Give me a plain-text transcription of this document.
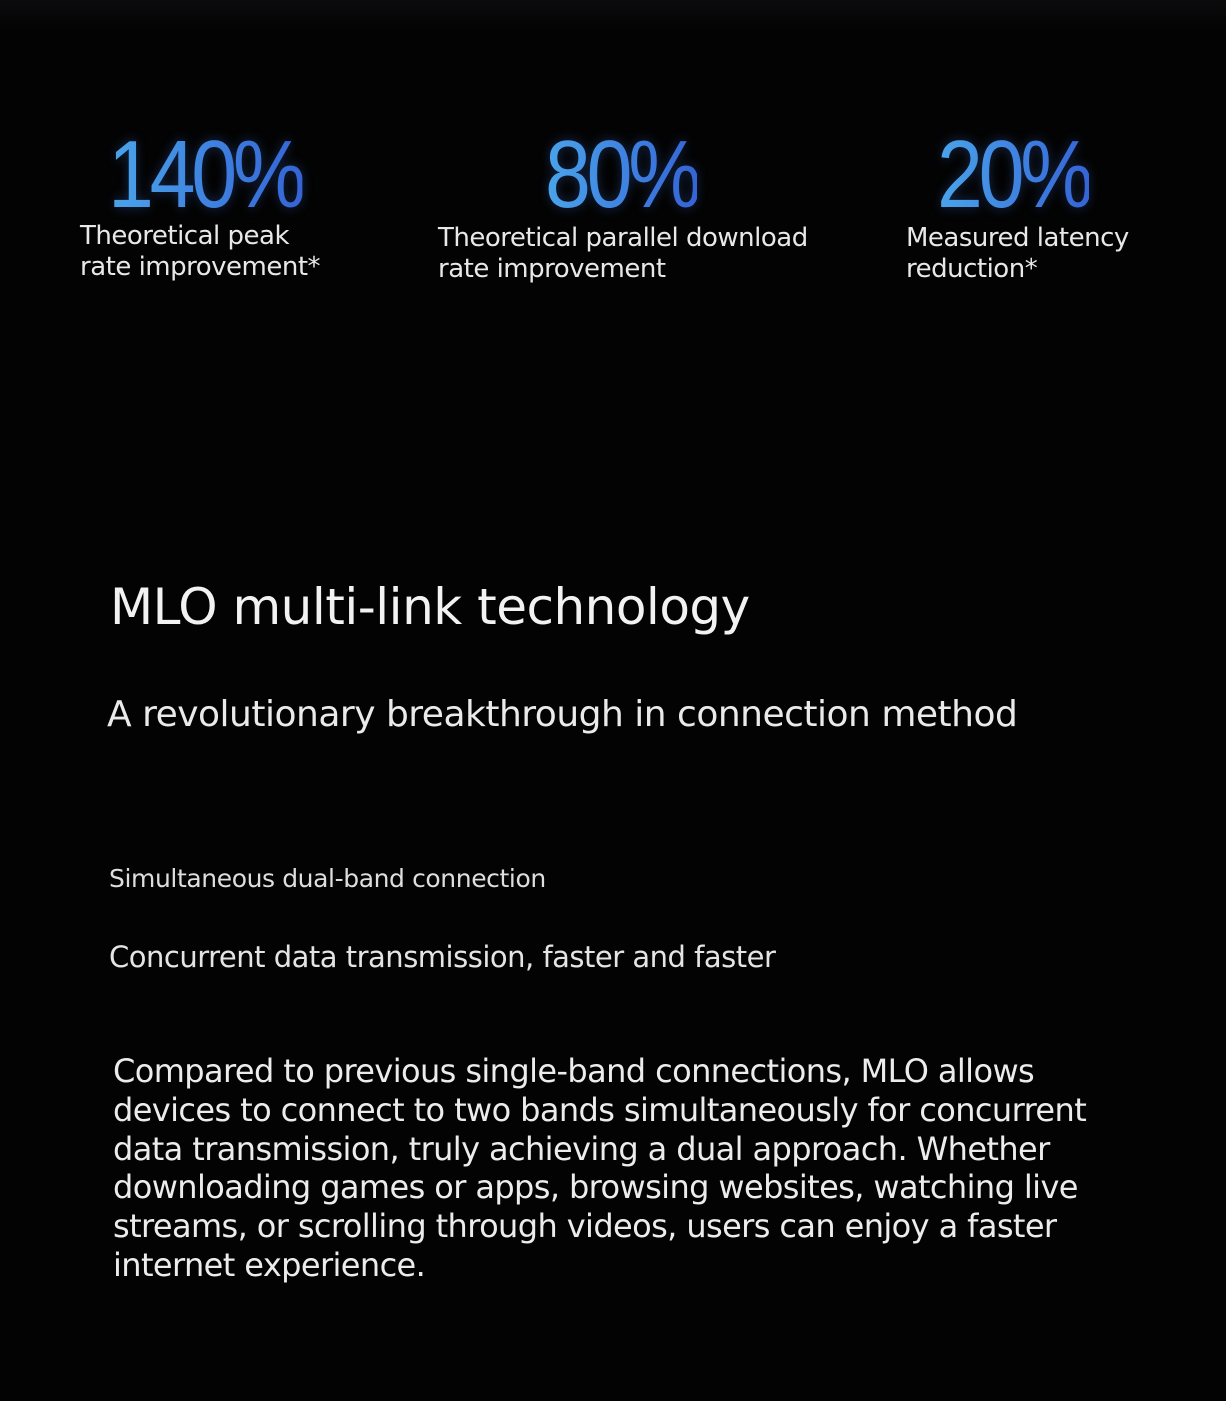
140%
Theoretical peak
rate improvement*
80%
Theoretical parallel download
rate improvement
20%
Measured latency
reduction*
MLO multi-link technology
A revolutionary breakthrough in connection method
Simultaneous dual-band connection
Concurrent data transmission, faster and faster
Compared to previous single-band connections, MLO allows devices to connect to two bands simultaneously for concurrent data transmission, truly achieving a dual approach. Whether downloading games or apps, browsing websites, watching live streams, or scrolling through videos, users can enjoy a faster internet experience.
